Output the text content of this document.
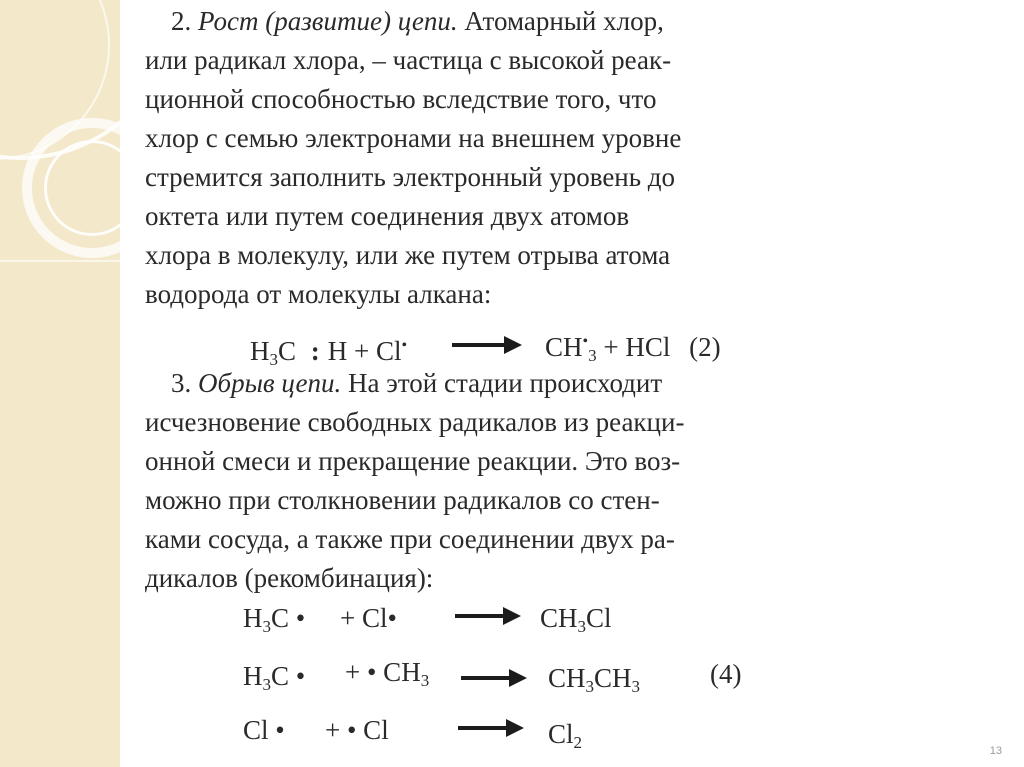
2. Рост (развитие) цепи. Атомарный хлор,

или радикал хлора, – частица с высокой реак-

ционной способностью вследствие того, что

хлор с семью электронами на внешнем уровне

стремится заполнить электронный уровень до

октета или путем соединения двух атомов

хлора в молекулу, или же путем отрыва атома

водорода от молекулы алкана:

$H_3C$ : H + Cl•	$CH^•_3$ + HCl (2)

3. Обрыв цепи. На этой стадии происходит

исчезновение свободных радикалов из реакци-

онной смеси и прекращение реакции. Это воз-

можно при столкновении радикалов со стен-

ками сосуда, а также при соединении двух ра-

дикалов (рекомбинация):

$H_3C$ • + Cl•	→ $CH_3Cl$
$H_3C$ • + • $CH_3$	$CH_3CH_3$	(4)
Cl • + • Cl	$Cl_2$	13
